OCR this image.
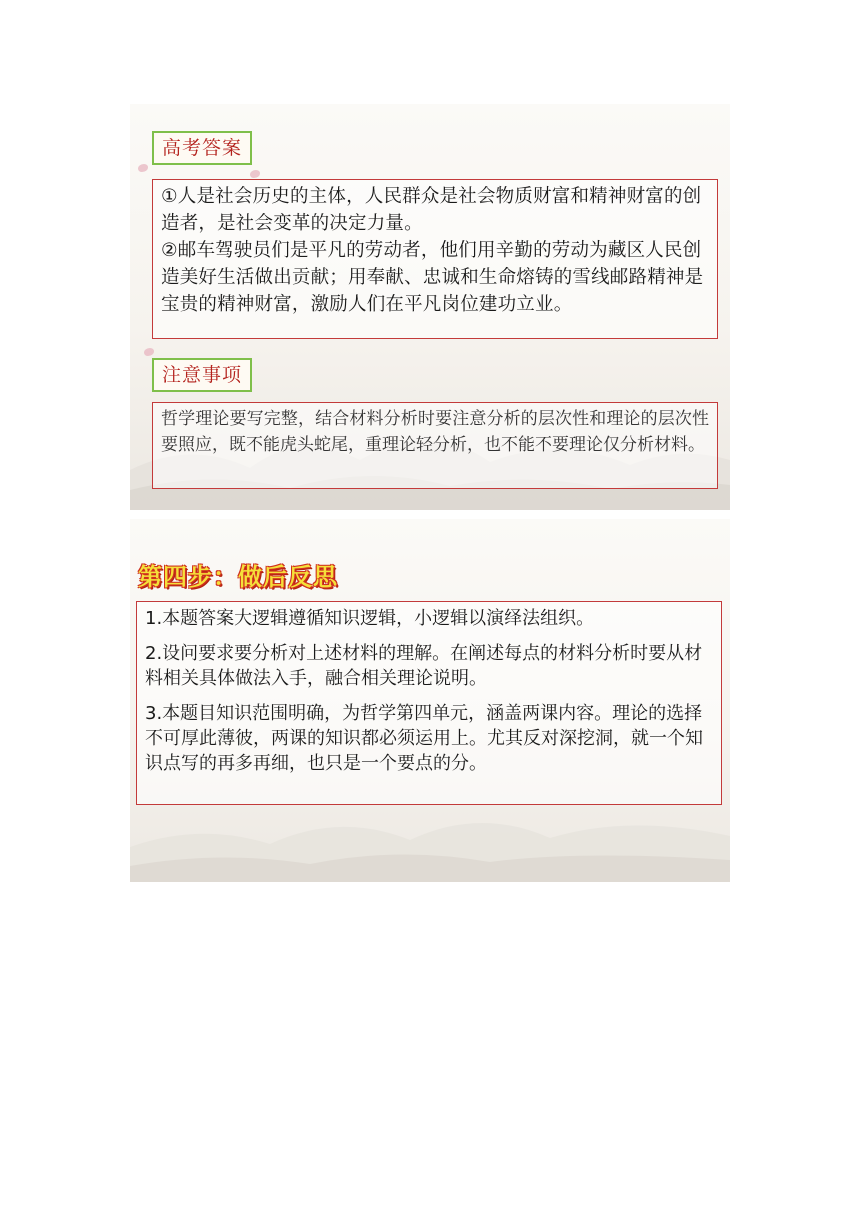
高考答案

①人是社会历史的主体，人民群众是社会物质财富和精神财富的创造者，是社会变革的决定力量。

②邮车驾驶员们是平凡的劳动者，他们用辛勤的劳动为藏区人民创造美好生活做出贡献；用奉献、忠诚和生命熔铸的雪线邮路精神是宝贵的精神财富，激励人们在平凡岗位建功立业。

注意事项
哲学理论要写完整，结合材料分析时要注意分析的层次性和理论的层次性要照应，既不能虎头蛇尾，重理论轻分析，也不能不要理论仅分析材料。
第四步：做后反思

1.本题答案大逻辑遵循知识逻辑，小逻辑以演绎法组织。

2.设问要求要分析对上述材料的理解。在阐述每点的材料分析时要从材料相关具体做法入手，融合相关理论说明。

3.本题目知识范围明确，为哲学第四单元，涵盖两课内容。理论的选择不可厚此薄彼，两课的知识都必须运用上。尤其反对深挖洞，就一个知识点写的再多再细，也只是一个要点的分。
